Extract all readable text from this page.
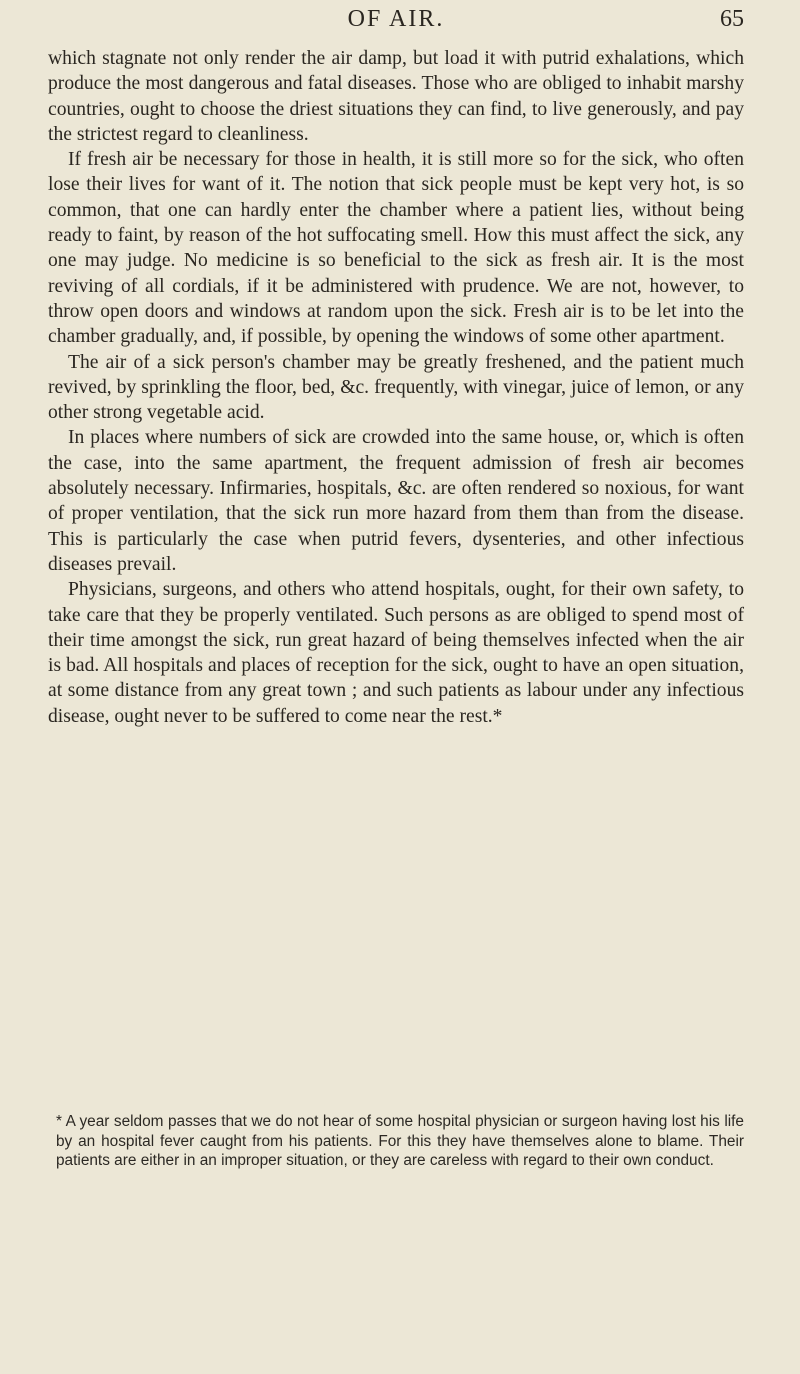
OF AIR.	65

which stagnate not only render the air damp, but load it with putrid exhalations, which produce the most dangerous and fatal diseases. Those who are obliged to inhabit marshy countries, ought to choose the driest situations they can find, to live generously, and pay the strictest regard to cleanliness.

If fresh air be necessary for those in health, it is still more so for the sick, who often lose their lives for want of it. The notion that sick people must be kept very hot, is so common, that one can hardly enter the chamber where a patient lies, without being ready to faint, by reason of the hot suffocating smell. How this must affect the sick, any one may judge. No medicine is so beneficial to the sick as fresh air. It is the most reviving of all cordials, if it be administered with prudence. We are not, however, to throw open doors and windows at random upon the sick. Fresh air is to be let into the chamber gradually, and, if possible, by opening the windows of some other apartment.

The air of a sick person's chamber may be greatly freshened, and the patient much revived, by sprinkling the floor, bed, &c. frequently, with vinegar, juice of lemon, or any other strong vegetable acid.

In places where numbers of sick are crowded into the same house, or, which is often the case, into the same apartment, the frequent admission of fresh air becomes absolutely necessary. Infirmaries, hospitals, &c. are often rendered so noxious, for want of proper ventilation, that the sick run more hazard from them than from the disease. This is particularly the case when putrid fevers, dysenteries, and other infectious diseases prevail.

Physicians, surgeons, and others who attend hospitals, ought, for their own safety, to take care that they be properly ventilated. Such persons as are obliged to spend most of their time amongst the sick, run great hazard of being themselves infected when the air is bad. All hospitals and places of reception for the sick, ought to have an open situation, at some distance from any great town ; and such patients as labour under any infectious disease, ought never to be suffered to come near the rest.*

* A year seldom passes that we do not hear of some hospital physician or surgeon having lost his life by an hospital fever caught from his patients. For this they have themselves alone to blame. Their patients are either in an improper situation, or they are careless with regard to their own conduct.
